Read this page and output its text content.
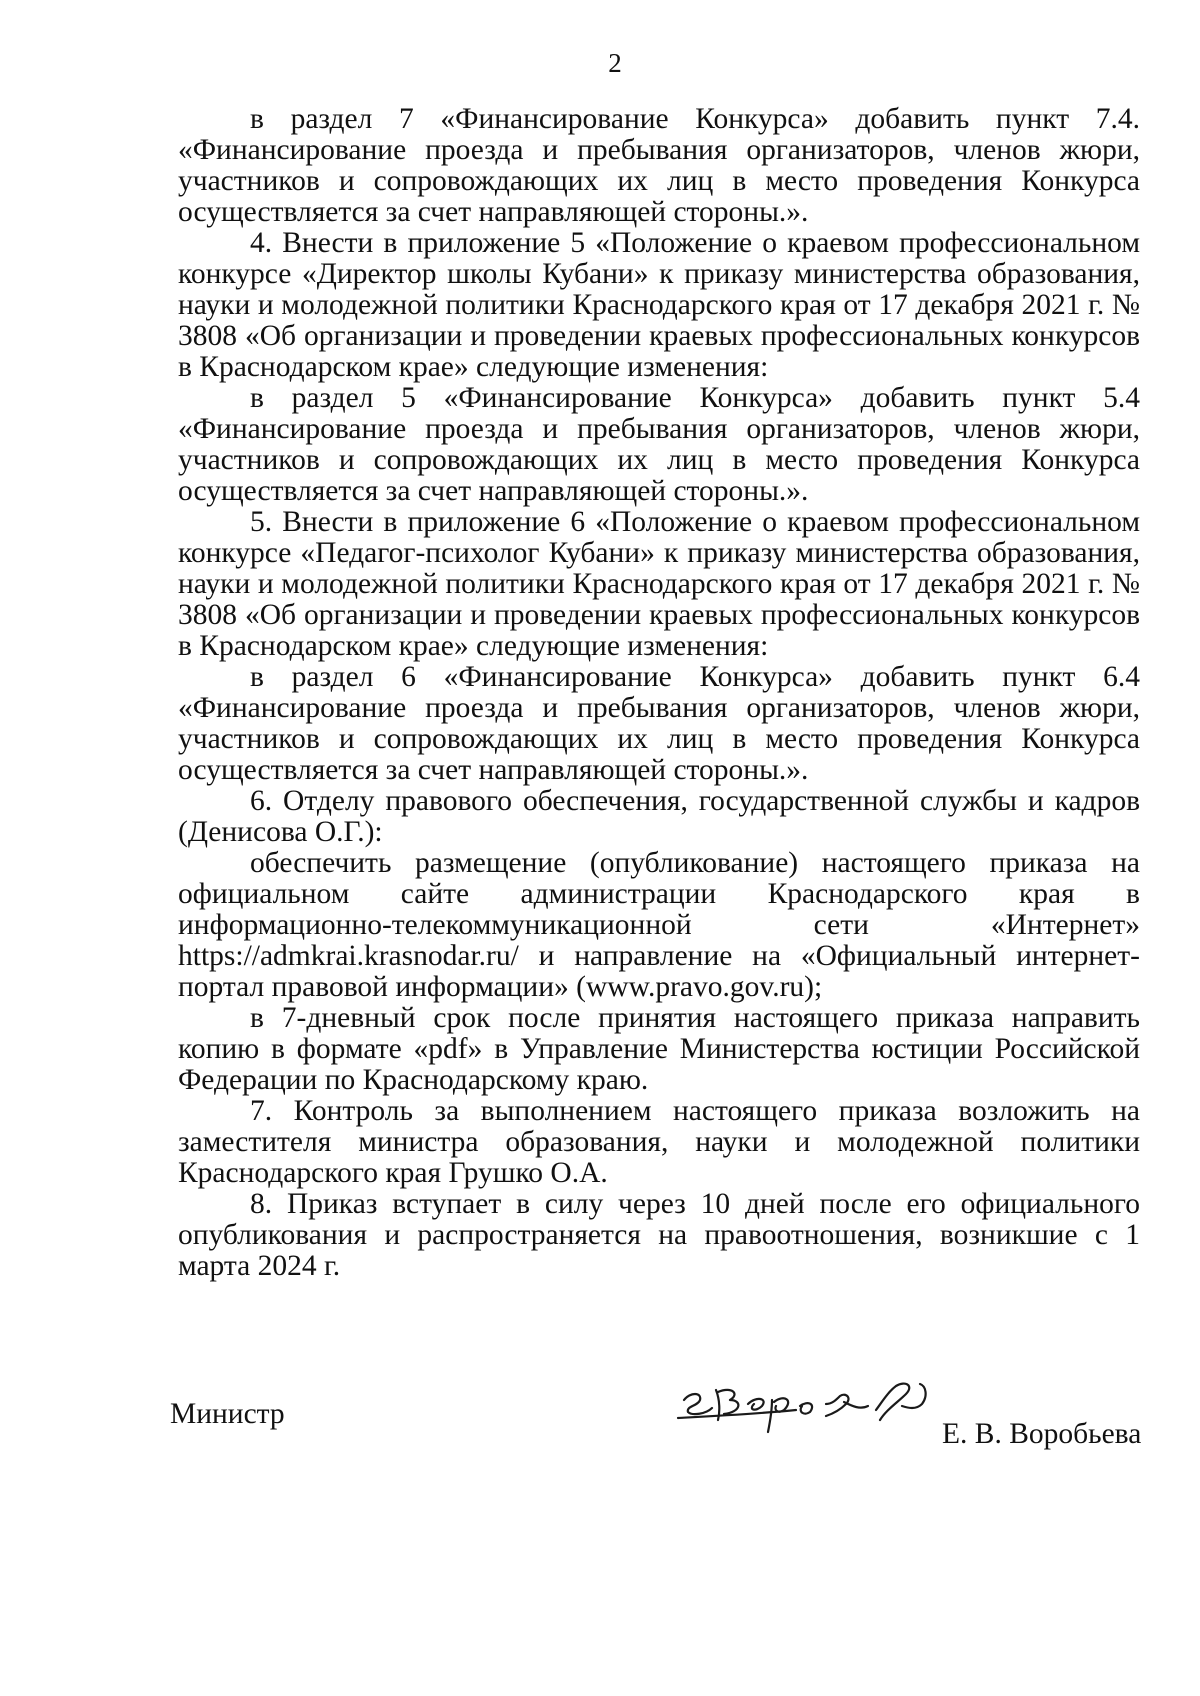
2

в раздел 7 «Финансирование Конкурса» добавить пункт 7.4. «Финансирование проезда и пребывания организаторов, членов жюри, участников и сопровождающих их лиц в место проведения Конкурса осуществляется за счет направляющей стороны.».

4. Внести в приложение 5 «Положение о краевом профессиональном конкурсе «Директор школы Кубани» к приказу министерства образования, науки и молодежной политики Краснодарского края от 17 декабря 2021 г. № 3808 «Об организации и проведении краевых профессиональных конкурсов в Краснодарском крае» следующие изменения:

в раздел 5 «Финансирование Конкурса» добавить пункт 5.4 «Финансирование проезда и пребывания организаторов, членов жюри, участников и сопровождающих их лиц в место проведения Конкурса осуществляется за счет направляющей стороны.».

5. Внести в приложение 6 «Положение о краевом профессиональном конкурсе «Педагог-психолог Кубани» к приказу министерства образования, науки и молодежной политики Краснодарского края от 17 декабря 2021 г. № 3808 «Об организации и проведении краевых профессиональных конкурсов в Краснодарском крае» следующие изменения:

в раздел 6 «Финансирование Конкурса» добавить пункт 6.4 «Финансирование проезда и пребывания организаторов, членов жюри, участников и сопровождающих их лиц в место проведения Конкурса осуществляется за счет направляющей стороны.».

6. Отделу правового обеспечения, государственной службы и кадров (Денисова О.Г.):

обеспечить размещение (опубликование) настоящего приказа на официальном сайте администрации Краснодарского края в информационно-телекоммуникационной сети «Интернет» https://admkrai.krasnodar.ru/ и направление на «Официальный интернет-портал правовой информации» (www.pravo.gov.ru);

в 7-дневный срок после принятия настоящего приказа направить копию в формате «pdf» в Управление Министерства юстиции Российской Федерации по Краснодарскому краю.

7. Контроль за выполнением настоящего приказа возложить на заместителя министра образования, науки и молодежной политики Краснодарского края Грушко О.А.

8. Приказ вступает в силу через 10 дней после его официального опубликования и распространяется на правоотношения, возникшие с 1 марта 2024 г.

Министр
Е. В. Воробьева
